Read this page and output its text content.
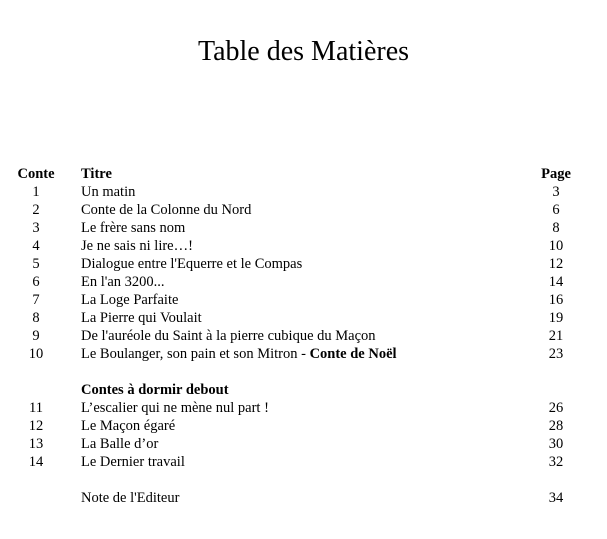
Table des Matières
Conte	Titre	Page
1	Un matin	3
2	Conte de la Colonne du Nord	6
3	Le frère sans nom	8
4	Je ne sais ni lire…!	10
5	Dialogue entre l'Equerre et le Compas	12
6	En l'an 3200...	14
7	La Loge Parfaite	16
8	La Pierre qui Voulait	19
9	De l'auréole du Saint à la pierre cubique du Maçon	21
10	Le Boulanger, son pain et son Mitron - Conte de Noël	23
Contes à dormir debout
11	L’escalier qui ne mène nul part !	26
12	Le Maçon égaré	28
13	La Balle d’or	30
14	Le Dernier travail	32
Note de l'Editeur	34
